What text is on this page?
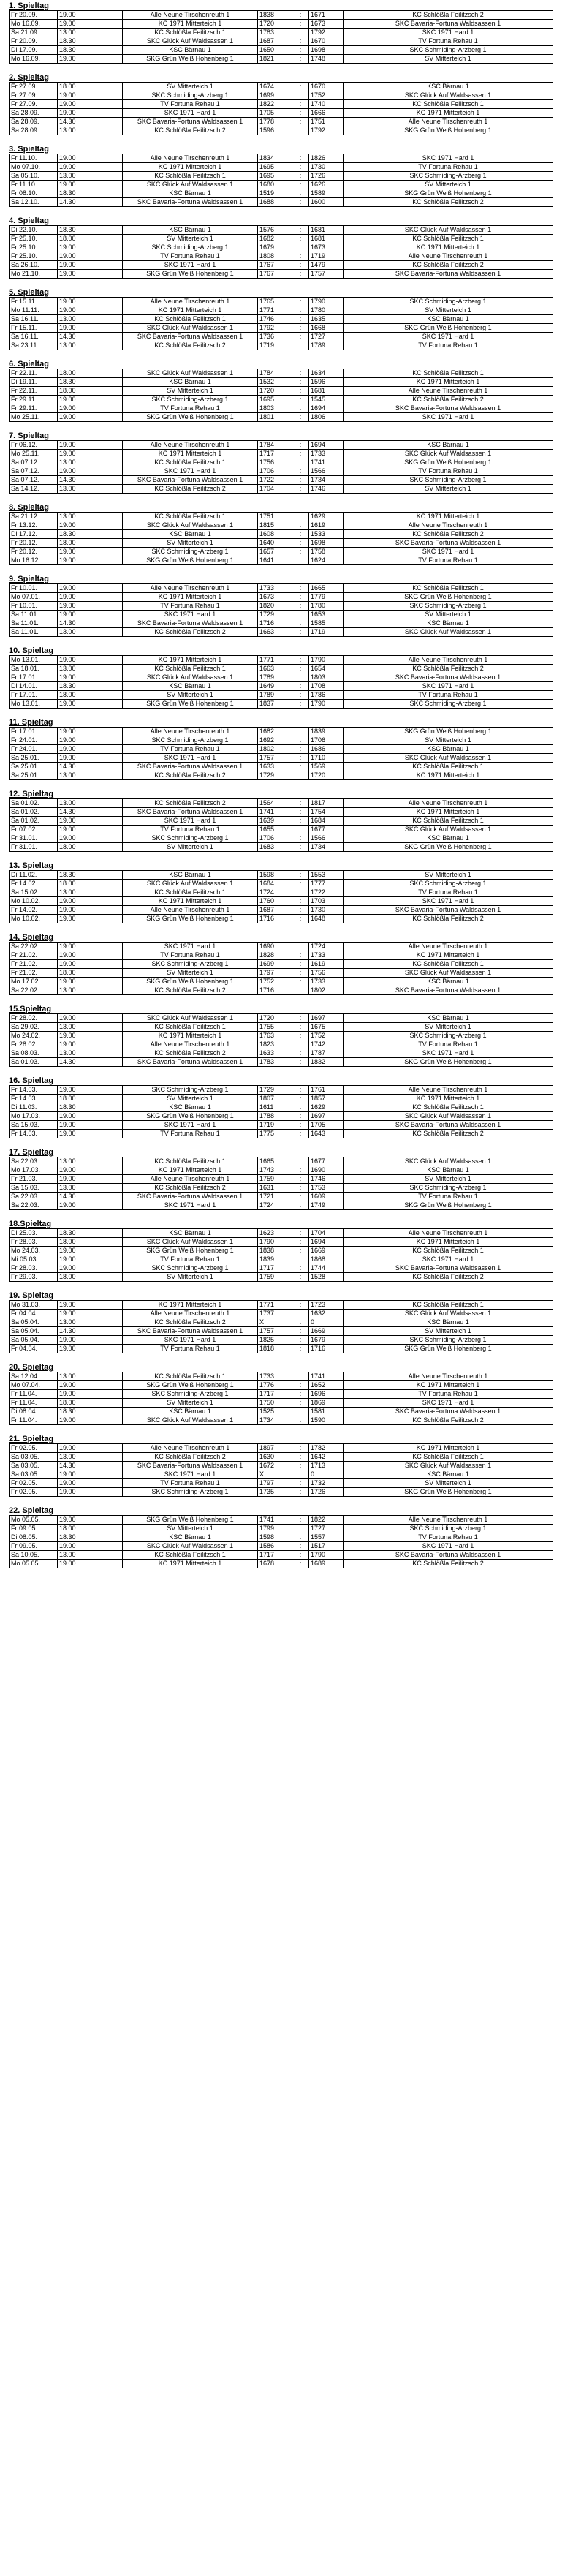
1. Spieltag
Fr 20.09.	19.00	Alle Neune Tirschenreuth 1	1838	:	1671	KC Schlößla Feilitzsch 2
Mo 16.09.	19.00	KC 1971 Mitterteich 1	1720	:	1673	SKC Bavaria-Fortuna Waldsassen 1
Sa 21.09.	13.00	KC Schlößla Feilitzsch 1	1783	:	1792	SKC 1971 Hard 1
Fr 20.09.	18.30	SKC Glück Auf Waldsassen 1	1687	:	1670	TV Fortuna Rehau 1
Di 17.09.	18.30	KSC Bärnau 1	1650	:	1698	SKC Schmiding-Arzberg 1
Mo 16.09.	19.00	SKG Grün Weiß Hohenberg 1	1821	:	1748	SV Mitterteich 1
2. Spieltag
Fr 27.09.	18.00	SV Mitterteich 1	1674	:	1670	KSC Bärnau 1
Fr 27.09.	19.00	SKC Schmiding-Arzberg 1	1699	:	1752	SKC Glück Auf Waldsassen 1
Fr 27.09.	19.00	TV Fortuna Rehau 1	1822	:	1740	KC Schlößla Feilitzsch 1
Sa 28.09.	19.00	SKC 1971 Hard 1	1705	:	1666	KC 1971 Mitterteich 1
Sa 28.09.	14.30	SKC Bavaria-Fortuna Waldsassen 1	1778	:	1751	Alle Neune Tirschenreuth 1
Sa 28.09.	13.00	KC Schlößla Feilitzsch 2	1596	:	1792	SKG Grün Weiß Hohenberg 1
3. Spieltag
Fr 11.10.	19.00	Alle Neune Tirschenreuth 1	1834	:	1826	SKC 1971 Hard 1
Mo 07.10.	19.00	KC 1971 Mitterteich 1	1695	:	1730	TV Fortuna Rehau 1
Sa 05.10.	13.00	KC Schlößla Feilitzsch 1	1695	:	1726	SKC Schmiding-Arzberg 1
Fr 11.10.	19.00	SKC Glück Auf Waldsassen 1	1680	:	1626	SV Mitterteich 1
Fr 08.10.	18.30	KSC Bärnau 1	1519	:	1589	SKG Grün Weiß Hohenberg 1
Sa 12.10.	14.30	SKC Bavaria-Fortuna Waldsassen 1	1688	:	1600	KC Schlößla Feilitzsch 2
4. Spieltag
Di 22.10.	18.30	KSC Bärnau 1	1576	:	1681	SKC Glück Auf Waldsassen 1
Fr 25.10.	18.00	SV Mitterteich 1	1682	:	1681	KC Schlößla Feilitzsch 1
Fr 25.10.	19.00	SKC Schmiding-Arzberg 1	1679	:	1673	KC 1971 Mitterteich 1
Fr 25.10.	19.00	TV Fortuna Rehau 1	1808	:	1719	Alle Neune Tirschenreuth 1
Sa 26.10.	19.00	SKC 1971 Hard 1	1767	:	1479	KC Schlößla Feilitzsch 2
Mo 21.10.	19.00	SKG Grün Weiß Hohenberg 1	1767	:	1757	SKC Bavaria-Fortuna Waldsassen 1
5. Spieltag
Fr 15.11.	19.00	Alle Neune Tirschenreuth 1	1765	:	1790	SKC Schmiding-Arzberg 1
Mo 11.11.	19.00	KC 1971 Mitterteich 1	1771	:	1780	SV Mitterteich 1
Sa 16.11.	13.00	KC Schlößla Feilitzsch 1	1746	:	1635	KSC Bärnau 1
Fr 15.11.	19.00	SKC Glück Auf Waldsassen 1	1792	:	1668	SKG Grün Weiß Hohenberg 1
Sa 16.11.	14.30	SKC Bavaria-Fortuna Waldsassen 1	1736	:	1727	SKC 1971 Hard 1
Sa 23.11.	13.00	KC Schlößla Feilitzsch 2	1719	:	1789	TV Fortuna Rehau 1
6. Spieltag
Fr 22.11.	18.00	SKC Glück Auf Waldsassen 1	1784	:	1634	KC Schlößla Feilitzsch 1
Di 19.11.	18.30	KSC Bärnau 1	1532	:	1596	KC 1971 Mitterteich 1
Fr 22.11.	18.00	SV Mitterteich 1	1720	:	1681	Alle Neune Tirschenreuth 1
Fr 29.11.	19.00	SKC Schmiding-Arzberg 1	1695	:	1545	KC Schlößla Feilitzsch 2
Fr 29.11.	19.00	TV Fortuna Rehau 1	1803	:	1694	SKC Bavaria-Fortuna Waldsassen 1
Mo 25.11.	19.00	SKG Grün Weiß Hohenberg 1	1801	:	1806	SKC 1971 Hard 1
7. Spieltag
Fr 06.12.	19.00	Alle Neune Tirschenreuth 1	1784	:	1694	KSC Bärnau 1
Mo 25.11.	19.00	KC 1971 Mitterteich 1	1717	:	1733	SKC Glück Auf Waldsassen 1
Sa 07.12.	13.00	KC Schlößla Feilitzsch 1	1756	:	1741	SKG Grün Weiß Hohenberg 1
Sa 07.12.	19.00	SKC 1971 Hard 1	1706	:	1566	TV Fortuna Rehau 1
Sa 07.12.	14.30	SKC Bavaria-Fortuna Waldsassen 1	1722	:	1734	SKC Schmiding-Arzberg 1
Sa 14.12.	13.00	KC Schlößla Feilitzsch 2	1704	:	1746	SV Mitterteich 1
8. Spieltag
Sa 21.12.	13.00	KC Schlößla Feilitzsch 1	1751	:	1629	KC 1971 Mitterteich 1
Fr 13.12.	19.00	SKC Glück Auf Waldsassen 1	1815	:	1619	Alle Neune Tirschenreuth 1
Di 17.12.	18.30	KSC Bärnau 1	1608	:	1533	KC Schlößla Feilitzsch 2
Fr 20.12.	18.00	SV Mitterteich 1	1640	:	1698	SKC Bavaria-Fortuna Waldsassen 1
Fr 20.12.	19.00	SKC Schmiding-Arzberg 1	1657	:	1758	SKC 1971 Hard 1
Mo 16.12.	19.00	SKG Grün Weiß Hohenberg 1	1641	:	1624	TV Fortuna Rehau 1
9. Spieltag
Fr 10.01.	19.00	Alle Neune Tirschenreuth 1	1733	:	1665	KC Schlößla Feilitzsch 1
Mo 07.01.	19.00	KC 1971 Mitterteich 1	1673	:	1779	SKG Grün Weiß Hohenberg 1
Fr 10.01.	19.00	TV Fortuna Rehau 1	1820	:	1780	SKC Schmiding-Arzberg 1
Sa 11.01.	19.00	SKC 1971 Hard 1	1729	:	1653	SV Mitterteich 1
Sa 11.01.	14.30	SKC Bavaria-Fortuna Waldsassen 1	1716	:	1585	KSC Bärnau 1
Sa 11.01.	13.00	KC Schlößla Feilitzsch 2	1663	:	1719	SKC Glück Auf Waldsassen 1
10. Spieltag
Mo 13.01.	19.00	KC 1971 Mitterteich 1	1771	:	1790	Alle Neune Tirschenreuth 1
Sa 18.01.	13.00	KC Schlößla Feilitzsch 1	1663	:	1654	KC Schlößla Feilitzsch 2
Fr 17.01.	19.00	SKC Glück Auf Waldsassen 1	1789	:	1803	SKC Bavaria-Fortuna Waldsassen 1
Di 14.01.	18.30	KSC Bärnau 1	1649	:	1708	SKC 1971 Hard 1
Fr 17.01.	18.00	SV Mitterteich 1	1789	:	1786	TV Fortuna Rehau 1
Mo 13.01.	19.00	SKG Grün Weiß Hohenberg 1	1837	:	1790	SKC Schmiding-Arzberg 1
11. Spieltag
Fr 17.01.	19.00	Alle Neune Tirschenreuth 1	1682	:	1839	SKG Grün Weiß Hohenberg 1
Fr 24.01.	19.00	SKC Schmiding-Arzberg 1	1692	:	1706	SV Mitterteich 1
Fr 24.01.	19.00	TV Fortuna Rehau 1	1802	:	1686	KSC Bärnau 1
Sa 25.01.	19.00	SKC 1971 Hard 1	1757	:	1710	SKC Glück Auf Waldsassen 1
Sa 25.01.	14.30	SKC Bavaria-Fortuna Waldsassen 1	1633	:	1569	KC Schlößla Feilitzsch 1
Sa 25.01.	13.00	KC Schlößla Feilitzsch 2	1729	:	1720	KC 1971 Mitterteich 1
12. Spieltag
Sa 01.02.	13.00	KC Schlößla Feilitzsch 2	1564	:	1817	Alle Neune Tirschenreuth 1
Sa 01.02.	14.30	SKC Bavaria-Fortuna Waldsassen 1	1741	:	1754	KC 1971 Mitterteich 1
Sa 01.02.	19.00	SKC 1971 Hard 1	1639	:	1684	KC Schlößla Feilitzsch 1
Fr 07.02.	19.00	TV Fortuna Rehau 1	1655	:	1677	SKC Glück Auf Waldsassen 1
Fr 31.01.	19.00	SKC Schmiding-Arzberg 1	1706	:	1566	KSC Bärnau 1
Fr 31.01.	18.00	SV Mitterteich 1	1683	:	1734	SKG Grün Weiß Hohenberg 1
13. Spieltag
Di 11.02.	18.30	KSC Bärnau 1	1598	:	1553	SV Mitterteich 1
Fr 14.02.	18.00	SKC Glück Auf Waldsassen 1	1684	:	1777	SKC Schmiding-Arzberg 1
Sa 15.02.	13.00	KC Schlößla Feilitzsch 1	1724	:	1722	TV Fortuna Rehau 1
Mo 10.02.	19.00	KC 1971 Mitterteich 1	1760	:	1703	SKC 1971 Hard 1
Fr 14.02.	19.00	Alle Neune Tirschenreuth 1	1687	:	1730	SKC Bavaria-Fortuna Waldsassen 1
Mo 10.02.	19.00	SKG Grün Weiß Hohenberg 1	1716	:	1648	KC Schlößla Feilitzsch 2
14. Spieltag
Sa 22.02.	19.00	SKC 1971 Hard 1	1690	:	1724	Alle Neune Tirschenreuth 1
Fr 21.02.	19.00	TV Fortuna Rehau 1	1828	:	1733	KC 1971 Mitterteich 1
Fr 21.02.	19.00	SKC Schmiding-Arzberg 1	1699	:	1619	KC Schlößla Feilitzsch 1
Fr 21.02.	18.00	SV Mitterteich 1	1797	:	1756	SKC Glück Auf Waldsassen 1
Mo 17.02.	19.00	SKG Grün Weiß Hohenberg 1	1752	:	1733	KSC Bärnau 1
Sa 22.02.	13.00	KC Schlößla Feilitzsch 2	1716	:	1802	SKC Bavaria-Fortuna Waldsassen 1
15.Spieltag
Fr 28.02.	19.00	SKC Glück Auf Waldsassen 1	1720	:	1697	KSC Bärnau 1
Sa 29.02.	13.00	KC Schlößla Feilitzsch 1	1755	:	1675	SV Mitterteich 1
Mo 24.02.	19.00	KC 1971 Mitterteich 1	1763	:	1752	SKC Schmiding-Arzberg 1
Fr 28.02.	19.00	Alle Neune Tirschenreuth 1	1823	:	1742	TV Fortuna Rehau 1
Sa 08.03.	13.00	KC Schlößla Feilitzsch 2	1633	:	1787	SKC 1971 Hard 1
Sa 01.03.	14.30	SKC Bavaria-Fortuna Waldsassen 1	1783	:	1832	SKG Grün Weiß Hohenberg 1
16. Spieltag
Fr 14.03.	19.00	SKC Schmiding-Arzberg 1	1729	:	1761	Alle Neune Tirschenreuth 1
Fr 14.03.	18.00	SV Mitterteich 1	1807	:	1857	KC 1971 Mitterteich 1
Di 11.03.	18.30	KSC Bärnau 1	1611	:	1629	KC Schlößla Feilitzsch 1
Mo 17.03.	19.00	SKG Grün Weiß Hohenberg 1	1788	:	1697	SKC Glück Auf Waldsassen 1
Sa 15.03.	19.00	SKC 1971 Hard 1	1719	:	1705	SKC Bavaria-Fortuna Waldsassen 1
Fr 14.03.	19.00	TV Fortuna Rehau 1	1775	:	1643	KC Schlößla Feilitzsch 2
17. Spieltag
Sa 22.03.	13.00	KC Schlößla Feilitzsch 1	1665	:	1677	SKC Glück Auf Waldsassen 1
Mo 17.03.	19.00	KC 1971 Mitterteich 1	1743	:	1690	KSC Bärnau 1
Fr 21.03.	19.00	Alle Neune Tirschenreuth 1	1759	:	1746	SV Mitterteich 1
Sa 15.03.	13.00	KC Schlößla Feilitzsch 2	1631	:	1753	SKC Schmiding-Arzberg 1
Sa 22.03.	14.30	SKC Bavaria-Fortuna Waldsassen 1	1721	:	1609	TV Fortuna Rehau 1
Sa 22.03.	19.00	SKC 1971 Hard 1	1724	:	1749	SKG Grün Weiß Hohenberg 1
18.Spieltag
Di 25.03.	18.30	KSC Bärnau 1	1623	:	1704	Alle Neune Tirschenreuth 1
Fr 28.03.	18.00	SKC Glück Auf Waldsassen 1	1790	:	1694	KC 1971 Mitterteich 1
Mo 24.03.	19.00	SKG Grün Weiß Hohenberg 1	1838	:	1669	KC Schlößla Feilitzsch 1
Mi 05.03.	19.00	TV Fortuna Rehau 1	1839	:	1868	SKC 1971 Hard 1
Fr 28.03.	19.00	SKC Schmiding-Arzberg 1	1717	:	1744	SKC Bavaria-Fortuna Waldsassen 1
Fr 29.03.	18.00	SV Mitterteich 1	1759	:	1528	KC Schlößla Feilitzsch 2
19. Spieltag
Mo 31.03.	19.00	KC 1971 Mitterteich 1	1771	:	1723	KC Schlößla Feilitzsch 1
Fr 04.04.	19.00	Alle Neune Tirschenreuth 1	1737	:	1632	SKC Glück Auf Waldsassen 1
Sa 05.04.	13.00	KC Schlößla Feilitzsch 2	X	:	0	KSC Bärnau 1
Sa 05.04.	14.30	SKC Bavaria-Fortuna Waldsassen 1	1757	:	1669	SV Mitterteich 1
Sa 05.04.	19.00	SKC 1971 Hard 1	1825	:	1679	SKC Schmiding-Arzberg 1
Fr 04.04.	19.00	TV Fortuna Rehau 1	1818	:	1716	SKG Grün Weiß Hohenberg 1
20. Spieltag
Sa 12.04.	13.00	KC Schlößla Feilitzsch 1	1733	:	1741	Alle Neune Tirschenreuth 1
Mo 07.04.	19.00	SKG Grün Weiß Hohenberg 1	1776	:	1652	KC 1971 Mitterteich 1
Fr 11.04.	19.00	SKC Schmiding-Arzberg 1	1717	:	1696	TV Fortuna Rehau 1
Fr 11.04.	18.00	SV Mitterteich 1	1750	:	1869	SKC 1971 Hard 1
Di 08.04.	18.30	KSC Bärnau 1	1525	:	1581	SKC Bavaria-Fortuna Waldsassen 1
Fr 11.04.	19.00	SKC Glück Auf Waldsassen 1	1734	:	1590	KC Schlößla Feilitzsch 2
21. Spieltag
Fr 02.05.	19.00	Alle Neune Tirschenreuth 1	1897	:	1782	KC 1971 Mitterteich 1
Sa 03.05.	13.00	KC Schlößla Feilitzsch 2	1630	:	1642	KC Schlößla Feilitzsch 1
Sa 03.05.	14.30	SKC Bavaria-Fortuna Waldsassen 1	1672	:	1713	SKC Glück Auf Waldsassen 1
Sa 03.05.	19.00	SKC 1971 Hard 1	X	:	0	KSC Bärnau 1
Fr 02.05.	19.00	TV Fortuna Rehau 1	1797	:	1732	SV Mitterteich 1
Fr 02.05.	19.00	SKC Schmiding-Arzberg 1	1735	:	1726	SKG Grün Weiß Hohenberg 1
22. Spieltag
Mo 05.05.	19.00	SKG Grün Weiß Hohenberg 1	1741	:	1822	Alle Neune Tirschenreuth 1
Fr 09.05.	18.00	SV Mitterteich 1	1799	:	1727	SKC Schmiding-Arzberg 1
Di 08.05.	18.30	KSC Bärnau 1	1598	:	1557	TV Fortuna Rehau 1
Fr 09.05.	19.00	SKC Glück Auf Waldsassen 1	1586	:	1517	SKC 1971 Hard 1
Sa 10.05.	13.00	KC Schlößla Feilitzsch 1	1717	:	1790	SKC Bavaria-Fortuna Waldsassen 1
Mo 05.05.	19.00	KC 1971 Mitterteich 1	1678	:	1689	KC Schlößla Feilitzsch 2
